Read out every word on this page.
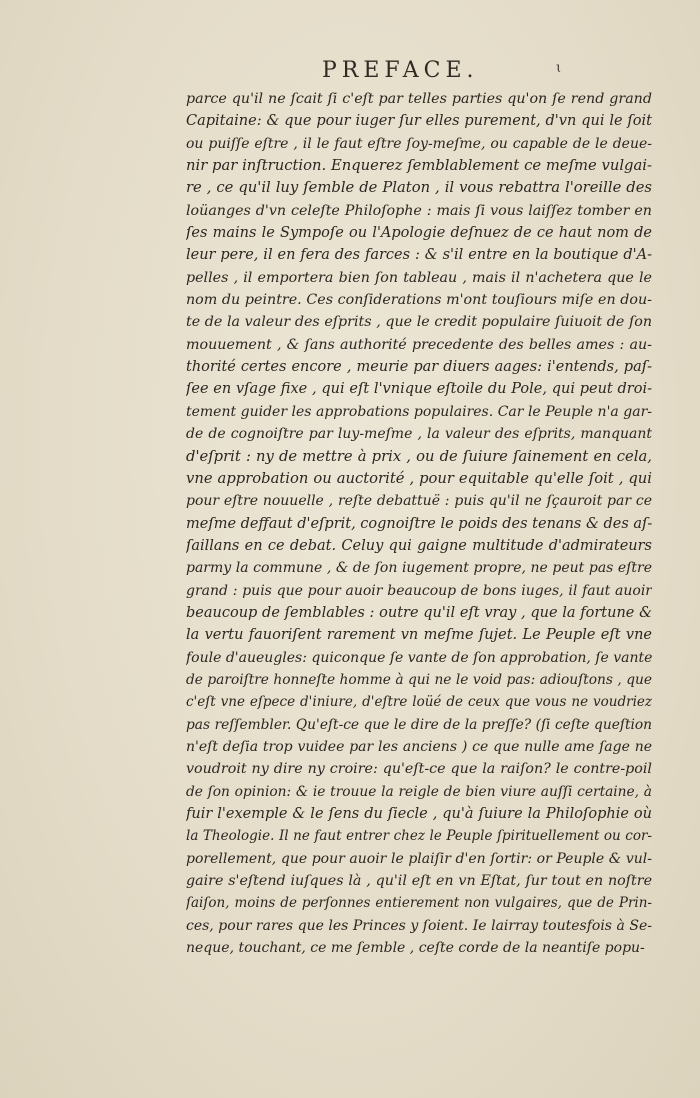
PREFACE.	ɩ
parce qu'il ne ſcait ſi c'eſt par telles parties qu'on ſe rend grand
Capitaine: & que pour iuger ſur elles purement, d'vn qui le ſoit
ou puiſſe eſtre , il le faut eſtre ſoy-meſme, ou capable de le deue-
nir par inſtruction. Enquerez ſemblablement ce meſme vulgai-
re , ce qu'il luy ſemble de Platon , il vous rebattra l'oreille des
loüanges d'vn celeſte Philoſophe : mais ſi vous laiſſez tomber en
ſes mains le Sympoſe ou l'Apologie deſnuez de ce haut nom de
leur pere, il en fera des farces : & s'il entre en la boutique d'A-
pelles , il emportera bien ſon tableau , mais il n'achetera que le
nom du peintre. Ces conſiderations m'ont touſiours miſe en dou-
te de la valeur des eſprits , que le credit populaire ſuiuoit de ſon
mouuement , & ſans authorité precedente des belles ames : au-
thorité certes encore , meurie par diuers aages: i'entends, paſ-
ſee en vſage fixe , qui eſt l'vnique eſtoile du Pole, qui peut droi-
tement guider les approbations populaires. Car le Peuple n'a gar-
de de cognoiſtre par luy-meſme , la valeur des eſprits, manquant
d'eſprit : ny de mettre à prix , ou de ſuiure ſainement en cela,
vne approbation ou auctorité , pour equitable qu'elle ſoit , qui
pour eſtre nouuelle , reſte debattuë : puis qu'il ne ſçauroit par ce
meſme deffaut d'eſprit, cognoiſtre le poids des tenans & des aſ-
ſaillans en ce debat. Celuy qui gaigne multitude d'admirateurs
parmy la commune , & de ſon iugement propre, ne peut pas eſtre
grand : puis que pour auoir beaucoup de bons iuges, il faut auoir
beaucoup de ſemblables : outre qu'il eſt vray , que la fortune &
la vertu fauoriſent rarement vn meſme ſujet. Le Peuple eſt vne
foule d'aueugles: quiconque ſe vante de ſon approbation, ſe vante
de paroiſtre honneſte homme à qui ne le void pas: adiouſtons , que
c'eſt vne eſpece d'iniure, d'eſtre loüé de ceux que vous ne voudriez
pas reſſembler. Qu'eſt-ce que le dire de la preſſe? (ſi ceſte queſtion
n'eſt deſia trop vuidee par les anciens ) ce que nulle ame ſage ne
voudroit ny dire ny croire: qu'eſt-ce que la raiſon? le contre-poil
de ſon opinion: & ie trouue la reigle de bien viure auſſi certaine, à
fuir l'exemple & le ſens du ſiecle , qu'à ſuiure la Philoſophie où
la Theologie. Il ne faut entrer chez le Peuple ſpirituellement ou cor-
porellement, que pour auoir le plaiſir d'en ſortir: or Peuple & vul-
gaire s'eſtend iuſques là , qu'il eſt en vn Eſtat, ſur tout en noſtre
ſaiſon, moins de perſonnes entierement non vulgaires, que de Prin-
ces, pour rares que les Princes y ſoient. Ie lairray toutesfois à Se-
neque, touchant, ce me ſemble , ceſte corde de la neantiſe popu-
